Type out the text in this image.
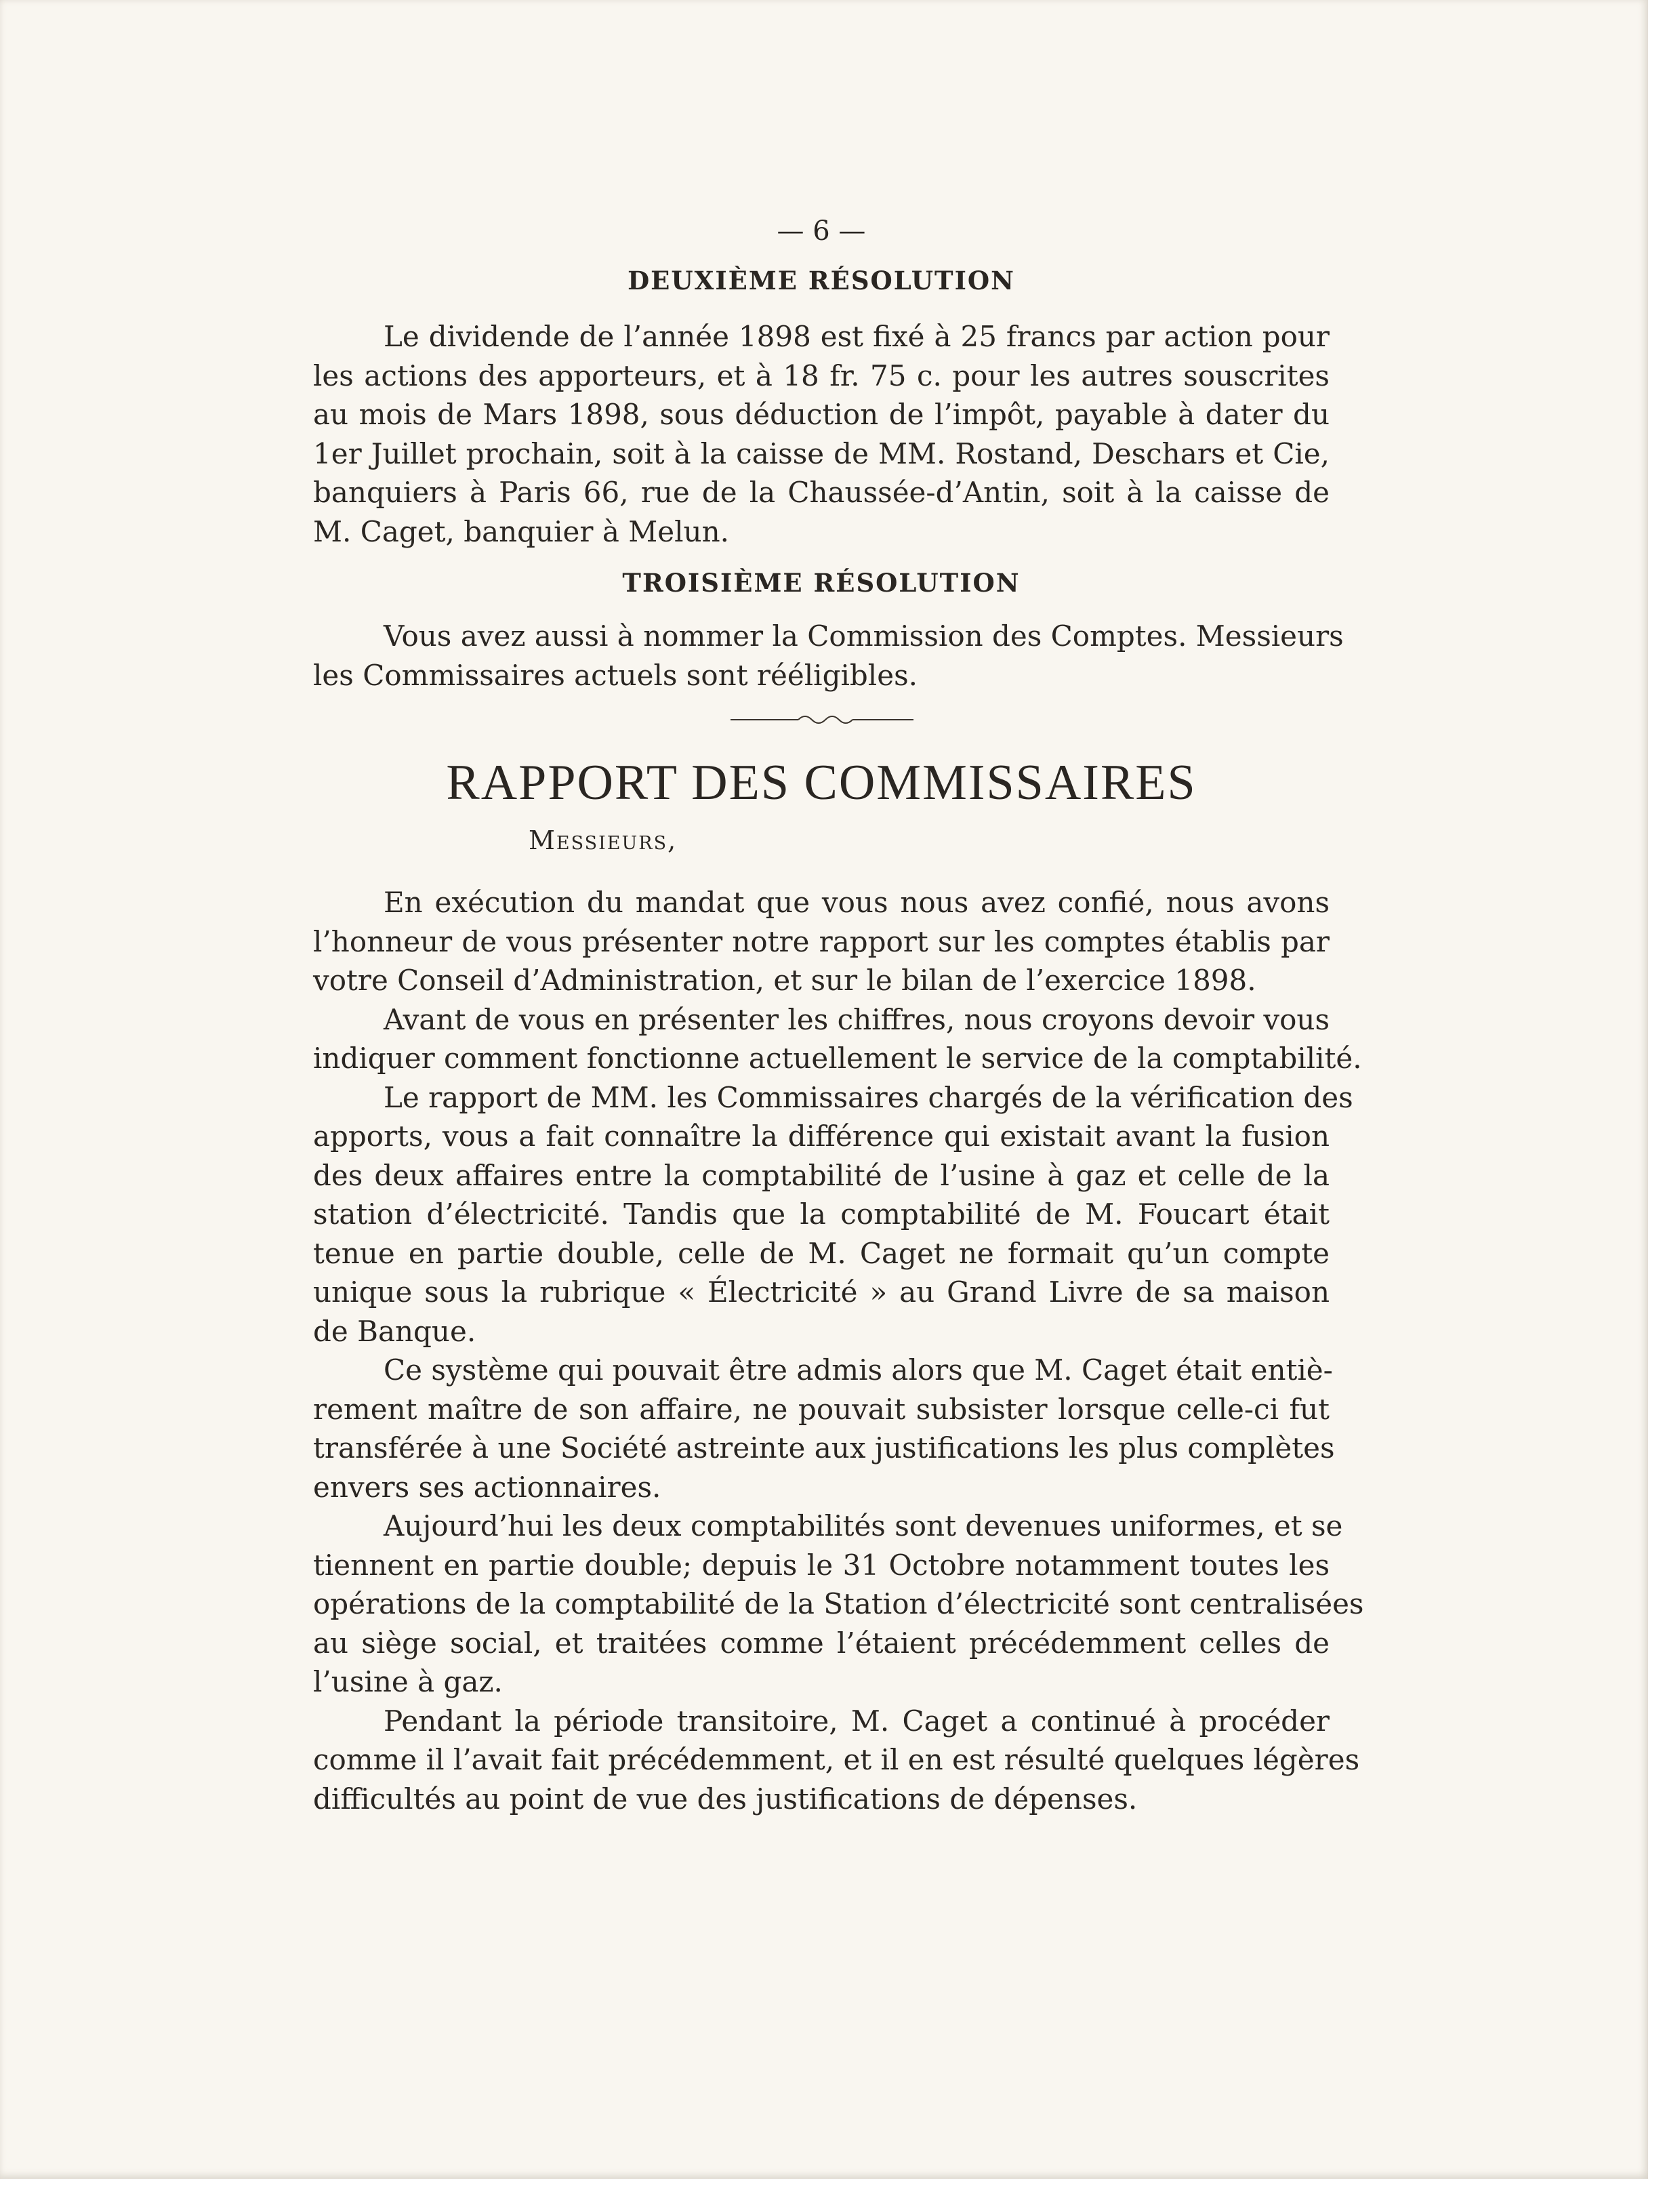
— 6 —
DEUXIÈME RÉSOLUTION
Le dividende de l’année 1898 est fixé à 25 francs par action pour
les actions des apporteurs, et à 18 fr. 75 c. pour les autres souscrites
au mois de Mars 1898, sous déduction de l’impôt, payable à dater du
1er Juillet prochain, soit à la caisse de MM. Rostand, Deschars et Cie,
banquiers à Paris 66, rue de la Chaussée-d’Antin, soit à la caisse de
M. Caget, banquier à Melun.
TROISIÈME RÉSOLUTION
Vous avez aussi à nommer la Commission des Comptes. Messieurs
les Commissaires actuels sont rééligibles.
RAPPORT DES COMMISSAIRES
Messieurs,
En exécution du mandat que vous nous avez confié, nous avons
l’honneur de vous présenter notre rapport sur les comptes établis par
votre Conseil d’Administration, et sur le bilan de l’exercice 1898.
Avant de vous en présenter les chiffres, nous croyons devoir vous
indiquer comment fonctionne actuellement le service de la comptabilité.
Le rapport de MM. les Commissaires chargés de la vérification des
apports, vous a fait connaître la différence qui existait avant la fusion
des deux affaires entre la comptabilité de l’usine à gaz et celle de la
station d’électricité. Tandis que la comptabilité de M. Foucart était
tenue en partie double, celle de M. Caget ne formait qu’un compte
unique sous la rubrique « Électricité » au Grand Livre de sa maison
de Banque.
Ce système qui pouvait être admis alors que M. Caget était entiè-
rement maître de son affaire, ne pouvait subsister lorsque celle-ci fut
transférée à une Société astreinte aux justifications les plus complètes
envers ses actionnaires.
Aujourd’hui les deux comptabilités sont devenues uniformes, et se
tiennent en partie double; depuis le 31 Octobre notamment toutes les
opérations de la comptabilité de la Station d’électricité sont centralisées
au siège social, et traitées comme l’étaient précédemment celles de
l’usine à gaz.
Pendant la période transitoire, M. Caget a continué à procéder
comme il l’avait fait précédemment, et il en est résulté quelques légères
difficultés au point de vue des justifications de dépenses.
